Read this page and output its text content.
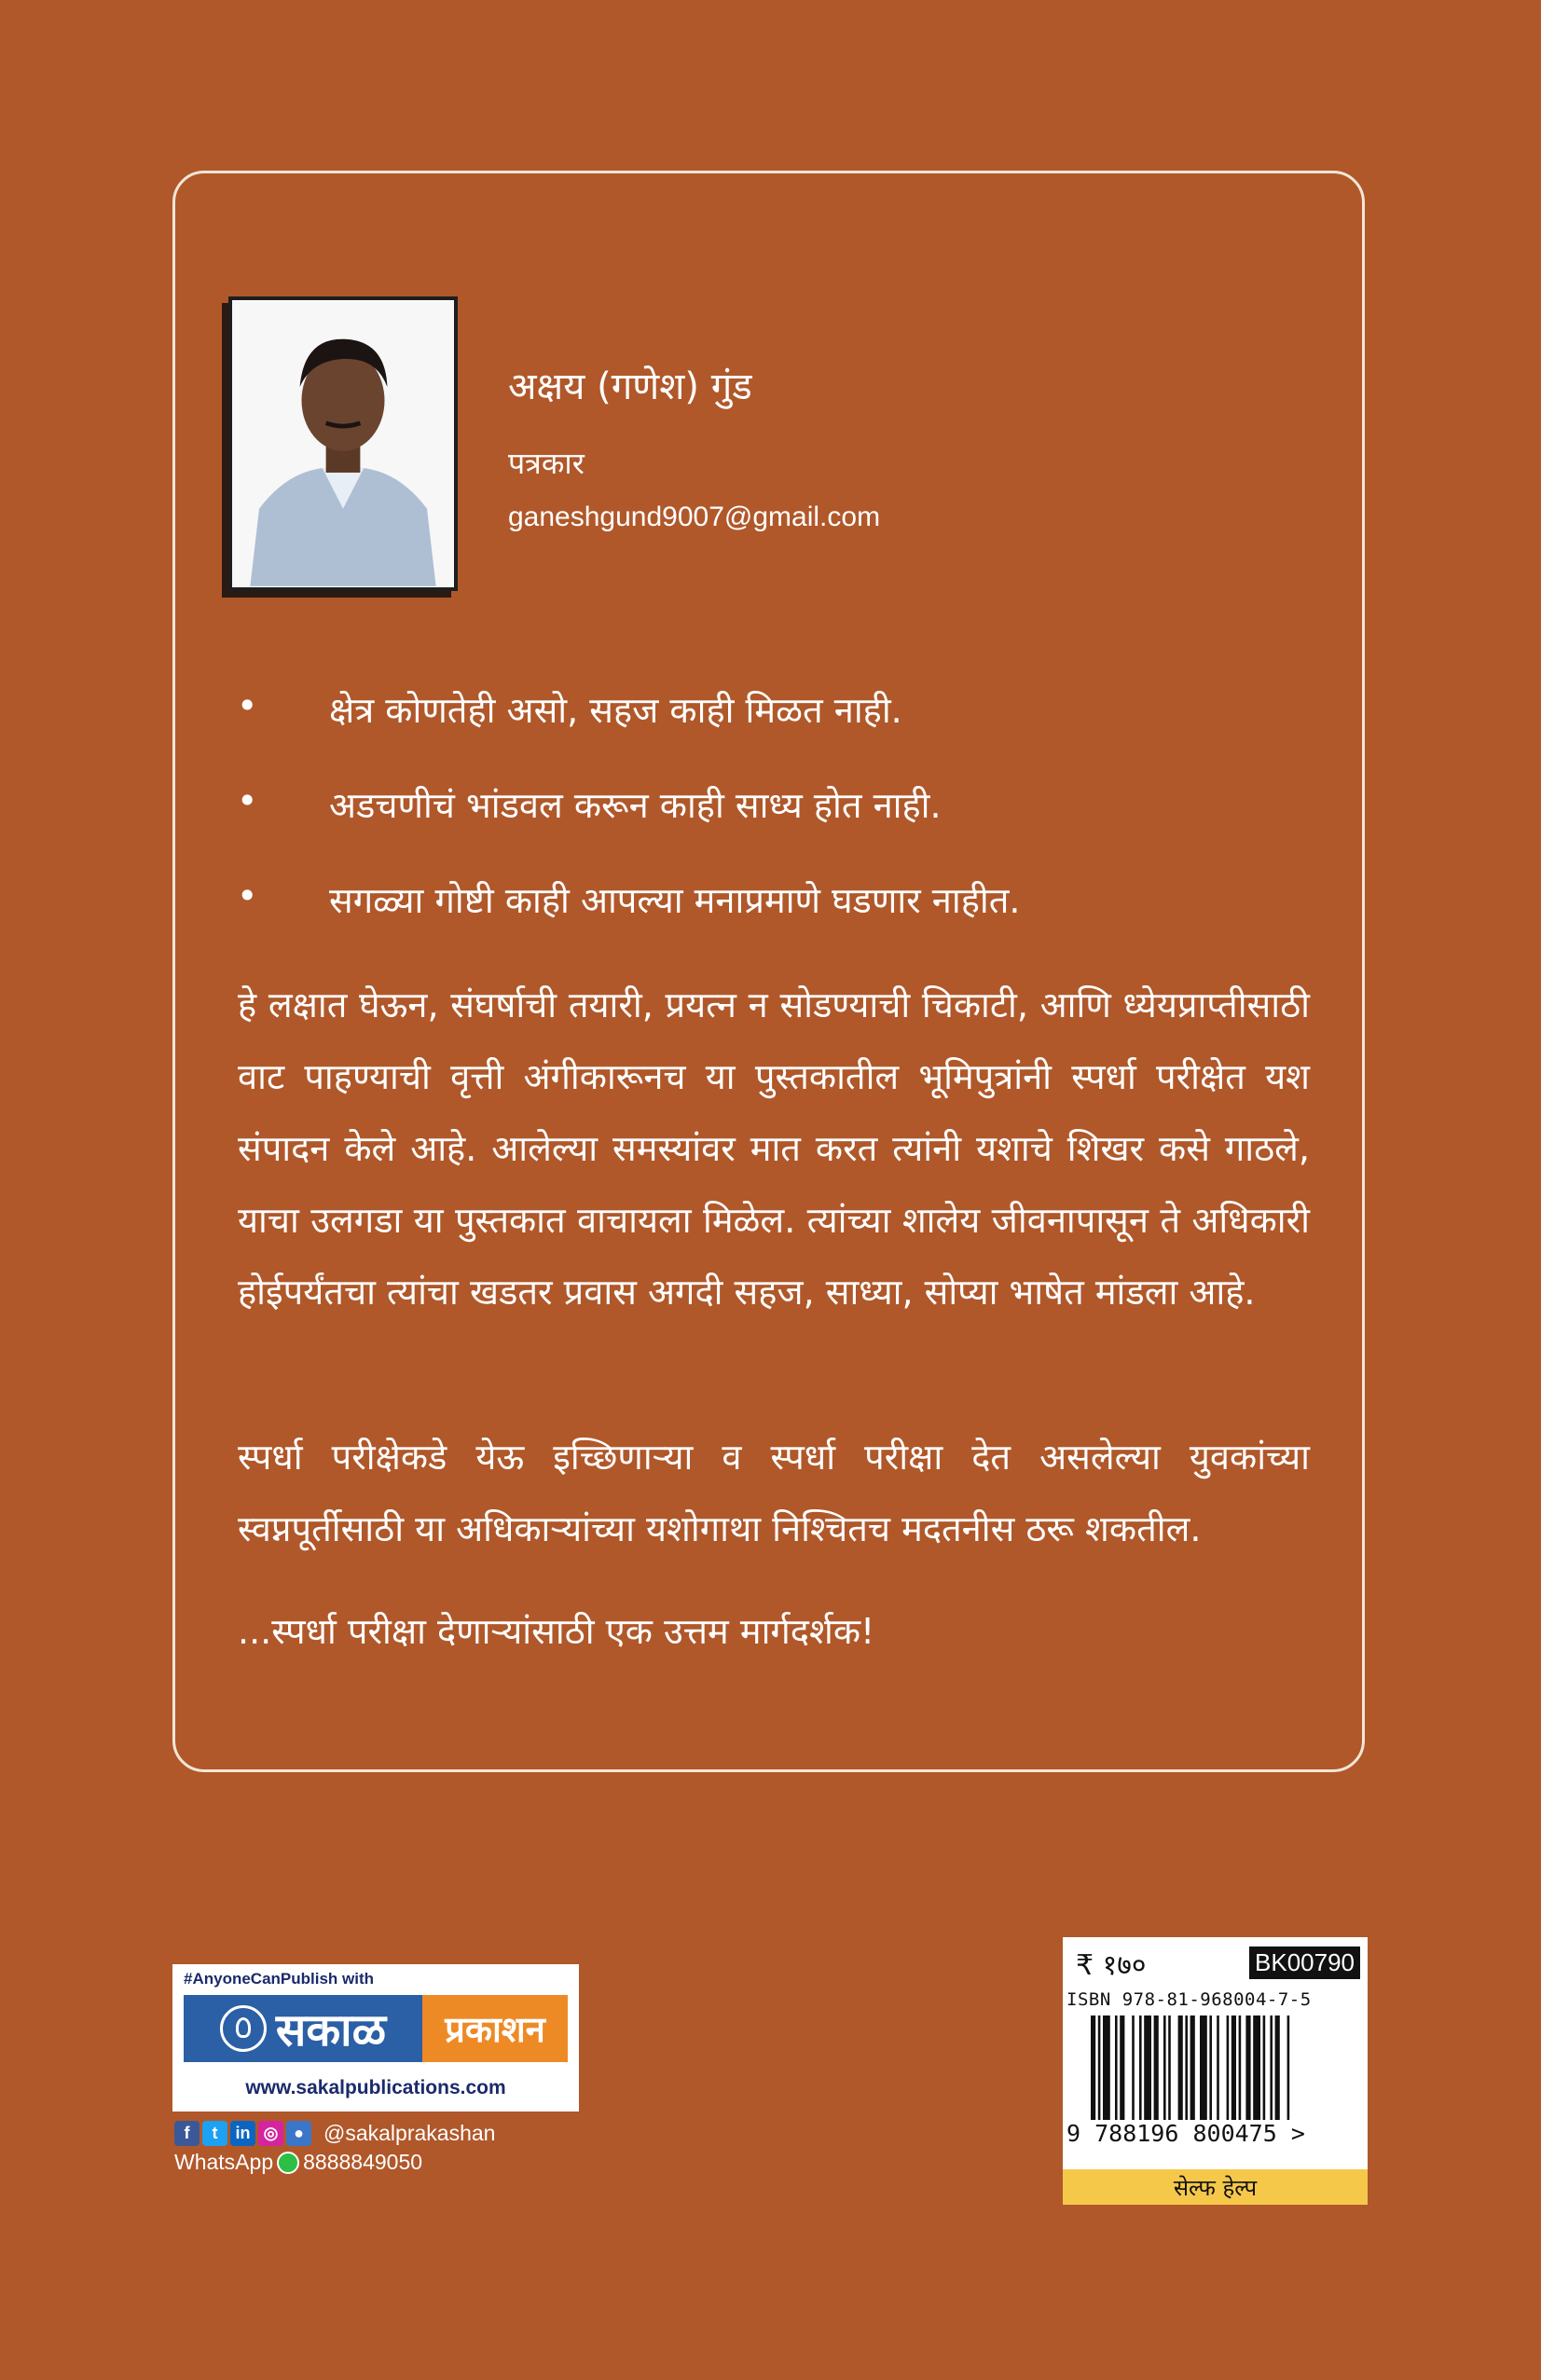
अक्षय (गणेश) गुंड
पत्रकार
ganeshgund9007@gmail.com
• क्षेत्र कोणतेही असो, सहज काही मिळत नाही.
• अडचणीचं भांडवल करून काही साध्य होत नाही.
• सगळ्या गोष्टी काही आपल्या मनाप्रमाणे घडणार नाहीत.
हे लक्षात घेऊन, संघर्षाची तयारी, प्रयत्न न सोडण्याची चिकाटी, आणि ध्येयप्राप्तीसाठी वाट पाहण्याची वृत्ती अंगीकारूनच या पुस्तकातील भूमिपुत्रांनी स्पर्धा परीक्षेत यश संपादन केले आहे. आलेल्या समस्यांवर मात करत त्यांनी यशाचे शिखर कसे गाठले, याचा उलगडा या पुस्तकात वाचायला मिळेल. त्यांच्या शालेय जीवनापासून ते अधिकारी होईपर्यंतचा त्यांचा खडतर प्रवास अगदी सहज, साध्या, सोप्या भाषेत मांडला आहे.
स्पर्धा परीक्षेकडे येऊ इच्छिणाऱ्या व स्पर्धा परीक्षा देत असलेल्या युवकांच्या स्वप्नपूर्तीसाठी या अधिकाऱ्यांच्या यशोगाथा निश्चितच मदतनीस ठरू शकतील.
...स्पर्धा परीक्षा देणाऱ्यांसाठी एक उत्तम मार्गदर्शक!
#AnyoneCanPublish with
सकाळ	प्रकाशन
www.sakalpublications.com
f	t	in ◎ ● @sakalprakashan
WhatsApp 8888849050
₹ १७०	BK00790
ISBN 978-81-968004-7-5
9 788196 800475 >
सेल्फ हेल्प
